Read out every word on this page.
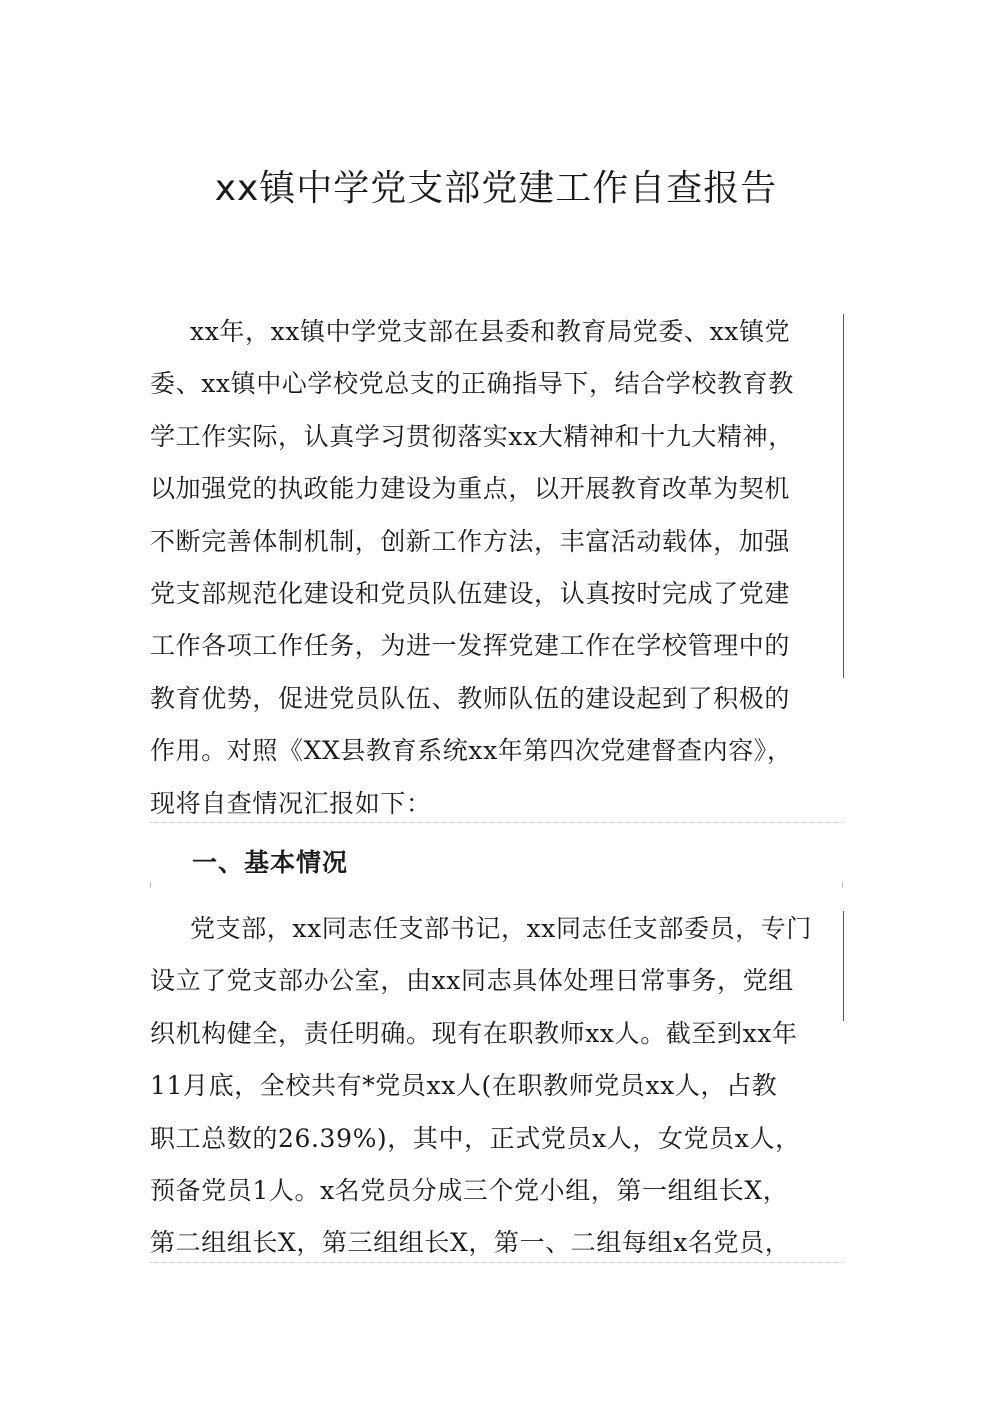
xx镇中学党支部党建工作自查报告
xx年，xx镇中学党支部在县委和教育局党委、xx镇党
委、xx镇中心学校党总支的正确指导下，结合学校教育教
学工作实际，认真学习贯彻落实xx大精神和十九大精神，
以加强党的执政能力建设为重点，以开展教育改革为契机
不断完善体制机制，创新工作方法，丰富活动载体，加强
党支部规范化建设和党员队伍建设，认真按时完成了党建
工作各项工作任务，为进一发挥党建工作在学校管理中的
教育优势，促进党员队伍、教师队伍的建设起到了积极的
作用。对照《XX县教育系统xx年第四次党建督查内容》，
现将自查情况汇报如下：
一、基本情况
党支部，xx同志任支部书记，xx同志任支部委员，专门
设立了党支部办公室，由xx同志具体处理日常事务，党组
织机构健全，责任明确。现有在职教师xx人。截至到xx年
11月底，全校共有*党员xx人(在职教师党员xx人，占教
职工总数的26.39%)，其中，正式党员x人，女党员x人，
预备党员1人。x名党员分成三个党小组，第一组组长X，
第二组组长X，第三组组长X，第一、二组每组x名党员，
